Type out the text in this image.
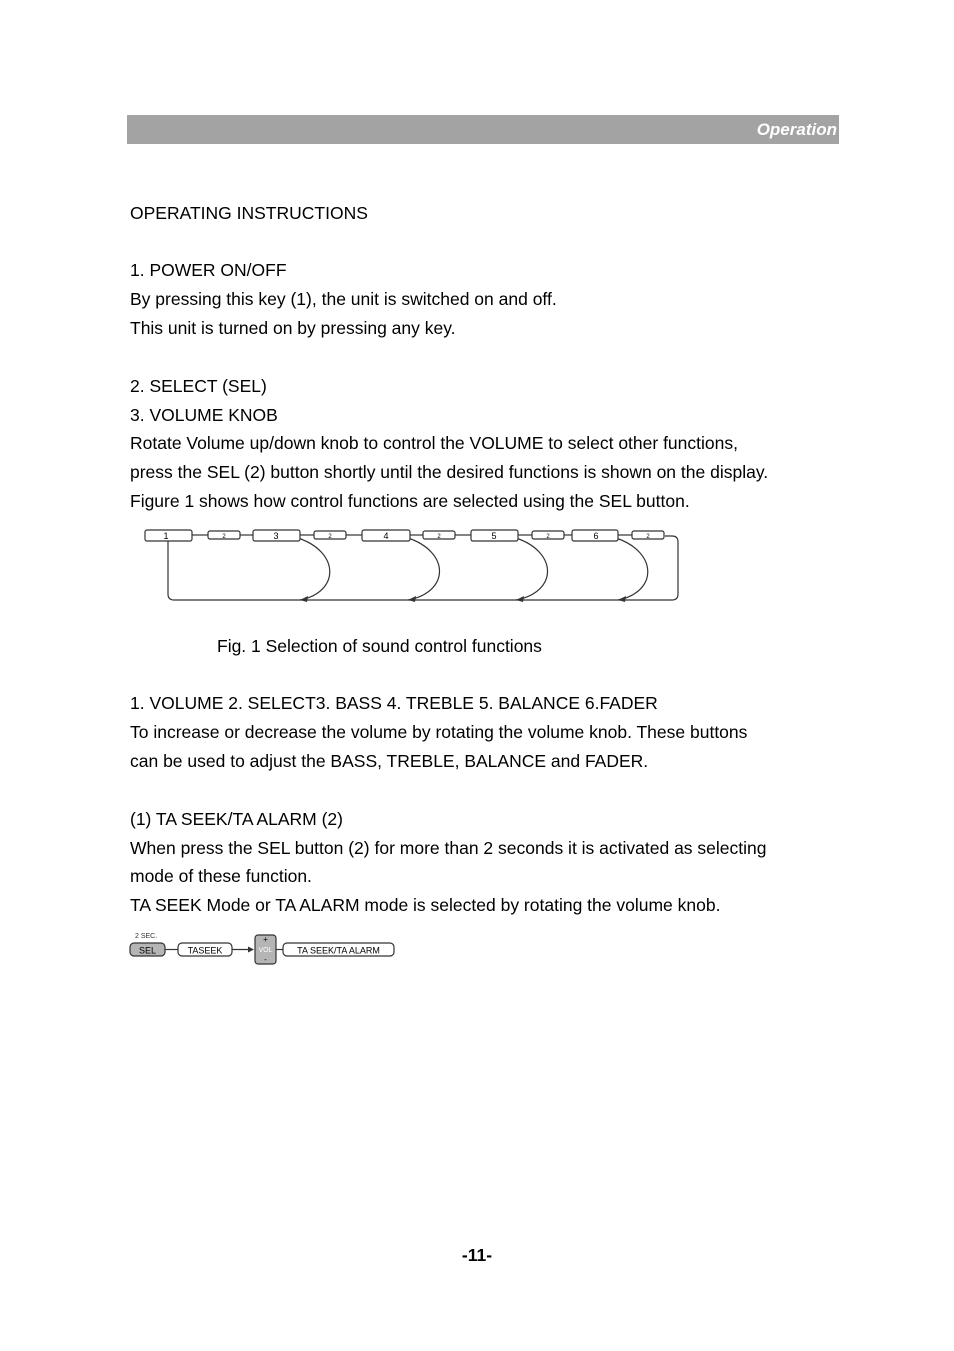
Operation
OPERATING INSTRUCTIONS
1. POWER ON/OFF
By pressing this key (1), the unit is switched on and off.
This unit is turned on by pressing any key.
2. SELECT (SEL)
3. VOLUME KNOB
Rotate Volume up/down knob to control the VOLUME to select other functions,
press the SEL (2) button shortly until the desired functions is shown on the display.
Figure 1 shows how control functions are selected using the SEL button.
1	2	3	2	4	2	5	2	6	2
Fig. 1 Selection of sound control functions
1. VOLUME 2. SELECT3. BASS 4. TREBLE 5. BALANCE 6.FADER
To increase or decrease the volume by rotating the volume knob. These buttons
can be used to adjust the BASS, TREBLE, BALANCE and FADER.
(1) TA SEEK/TA ALARM (2)
When press the SEL button (2) for more than 2 seconds it is activated as selecting
mode of these function.
TA SEEK Mode or TA ALARM mode is selected by rotating the volume knob.
2 SEC.
SEL	TASEEK
+
VOL
-
TA SEEK/TA ALARM
-11-
